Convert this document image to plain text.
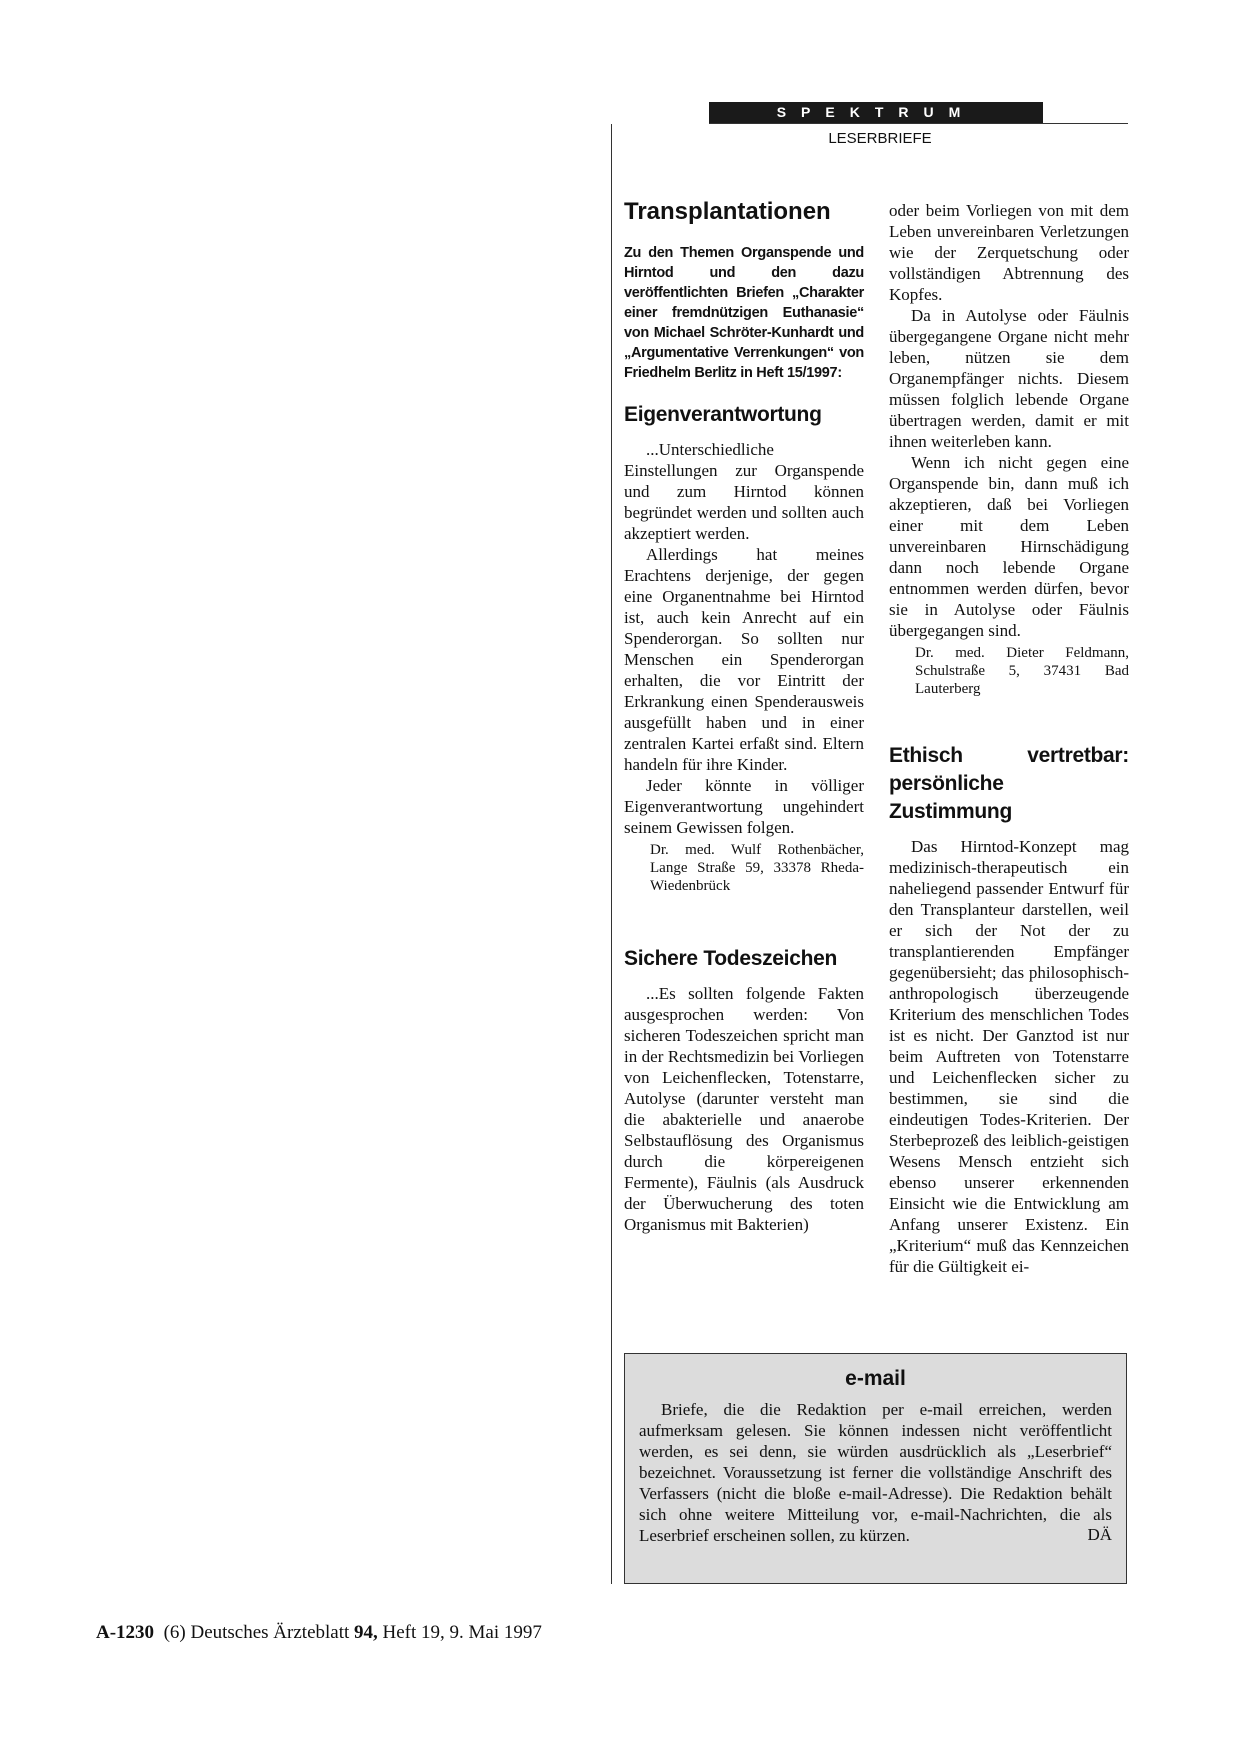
SPEKTRUM
LESERBRIEFE
Transplantationen
Zu den Themen Organspende und Hirntod und den dazu veröffentlichten Briefen „Charakter einer fremdnützigen Euthanasie“ von Michael Schröter-Kunhardt und „Argumentative Verrenkungen“ von Friedhelm Berlitz in Heft 15/1997:
Eigenverantwortung

...Unterschiedliche Einstellungen zur Organspende und zum Hirntod können begründet werden und sollten auch akzeptiert werden.

Allerdings hat meines Erachtens derjenige, der gegen eine Organentnahme bei Hirntod ist, auch kein Anrecht auf ein Spenderorgan. So sollten nur Menschen ein Spenderorgan erhalten, die vor Eintritt der Erkrankung einen Spenderausweis ausgefüllt haben und in einer zentralen Kartei erfaßt sind. Eltern handeln für ihre Kinder.

Jeder könnte in völliger Eigenverantwortung ungehindert seinem Gewissen folgen.

Dr. med. Wulf Rothenbächer, Lange Straße 59, 33378 Rheda-Wiedenbrück
Sichere Todeszeichen

...Es sollten folgende Fakten ausgesprochen werden: Von sicheren Todeszeichen spricht man in der Rechtsmedizin bei Vorliegen von Leichenflecken, Totenstarre, Autolyse (darunter versteht man die abakterielle und anaerobe Selbstauflösung des Organismus durch die körpereigenen Fermente), Fäulnis (als Ausdruck der Überwucherung des toten Organismus mit Bakterien)

oder beim Vorliegen von mit dem Leben unvereinbaren Verletzungen wie der Zerquetschung oder vollständigen Abtrennung des Kopfes.

Da in Autolyse oder Fäulnis übergegangene Organe nicht mehr leben, nützen sie dem Organempfänger nichts. Diesem müssen folglich lebende Organe übertragen werden, damit er mit ihnen weiterleben kann.

Wenn ich nicht gegen eine Organspende bin, dann muß ich akzeptieren, daß bei Vorliegen einer mit dem Leben unvereinbaren Hirnschädigung dann noch lebende Organe entnommen werden dürfen, bevor sie in Autolyse oder Fäulnis übergegangen sind.

Dr. med. Dieter Feldmann, Schulstraße 5, 37431 Bad Lauterberg
Ethisch vertretbar: persönliche Zustimmung

Das Hirntod-Konzept mag medizinisch-therapeutisch ein naheliegend passender Entwurf für den Transplanteur darstellen, weil er sich der Not der zu transplantierenden Empfänger gegenübersieht; das philosophisch-anthropologisch überzeugende Kriterium des menschlichen Todes ist es nicht. Der Ganztod ist nur beim Auftreten von Totenstarre und Leichenflecken sicher zu bestimmen, sie sind die eindeutigen Todes-Kriterien. Der Sterbeprozeß des leiblich-geistigen Wesens Mensch entzieht sich ebenso unserer erkennenden Einsicht wie die Entwicklung am Anfang unserer Existenz. Ein „Kriterium“ muß das Kennzeichen für die Gültigkeit ei-

e-mail

Briefe, die die Redaktion per e-mail erreichen, werden aufmerksam gelesen. Sie können indessen nicht veröffentlicht werden, es sei denn, sie würden ausdrücklich als „Leserbrief“ bezeichnet. Voraussetzung ist ferner die vollständige Anschrift des Verfassers (nicht die bloße e-mail-Adresse). Die Redaktion behält sich ohne weitere Mitteilung vor, e-mail-Nachrichten, die als Leserbrief erscheinen sollen, zu kürzen.	DÄ
A-1230 (6) Deutsches Ärzteblatt 94, Heft 19, 9. Mai 1997
